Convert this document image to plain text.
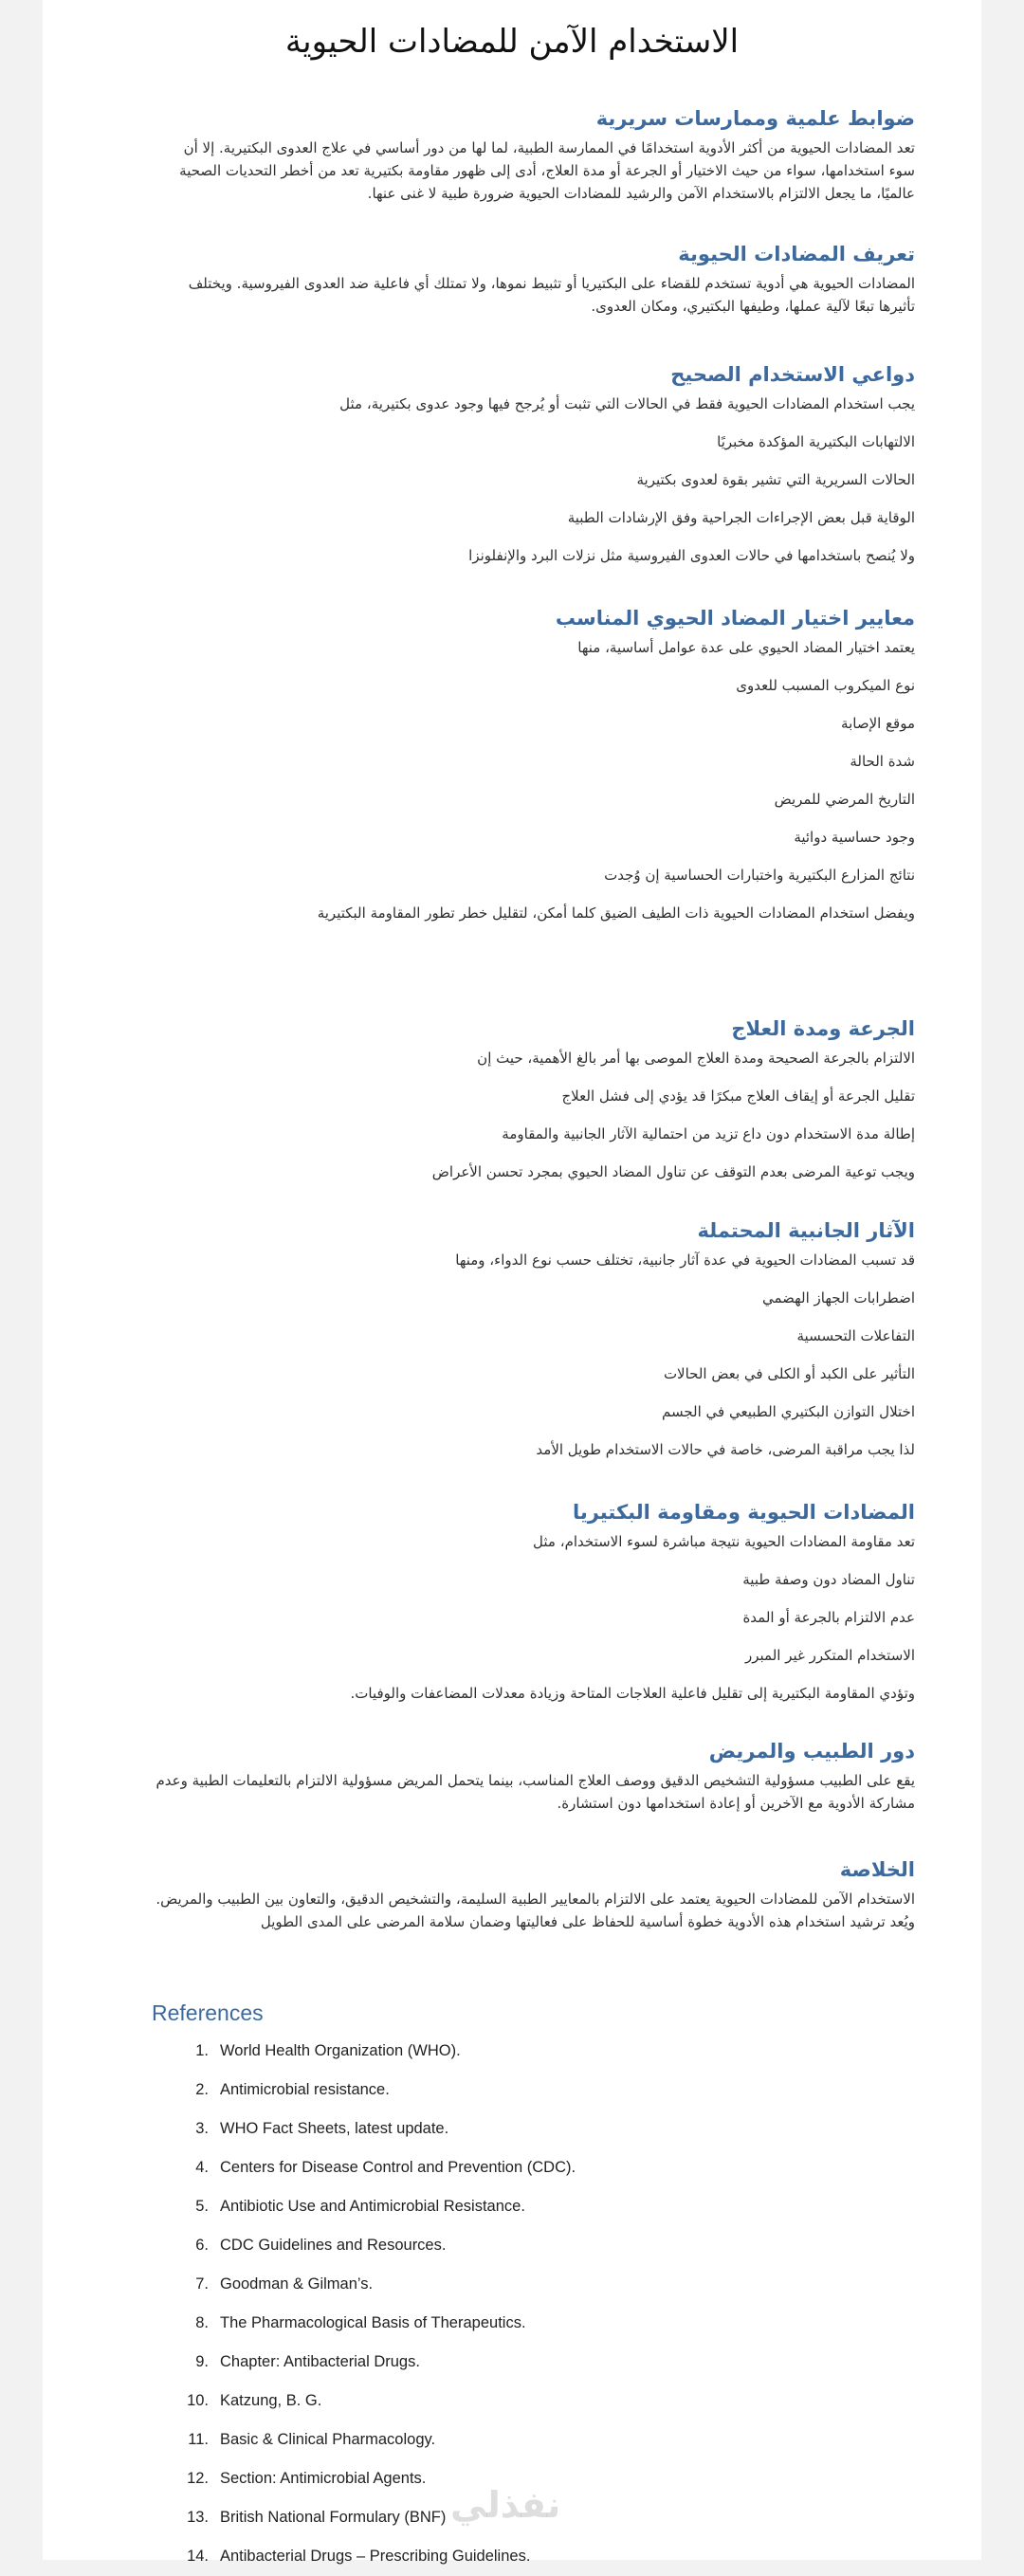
الاستخدام الآمن للمضادات الحيوية
ضوابط علمية وممارسات سريرية
تعد المضادات الحيوية من أكثر الأدوية استخدامًا في الممارسة الطبية، لما لها من دور أساسي في علاج العدوى البكتيرية. إلا أن سوء استخدامها، سواء من حيث الاختيار أو الجرعة أو مدة العلاج، أدى إلى ظهور مقاومة بكتيرية تعد من أخطر التحديات الصحية عالميًا، ما يجعل الالتزام بالاستخدام الآمن والرشيد للمضادات الحيوية ضرورة طبية لا غنى عنها.
تعريف المضادات الحيوية
المضادات الحيوية هي أدوية تستخدم للقضاء على البكتيريا أو تثبيط نموها، ولا تمتلك أي فاعلية ضد العدوى الفيروسية. ويختلف تأثيرها تبعًا لآلية عملها، وطيفها البكتيري، ومكان العدوى.
دواعي الاستخدام الصحيح
يجب استخدام المضادات الحيوية فقط في الحالات التي تثبت أو يُرجح فيها وجود عدوى بكتيرية، مثل
الالتهابات البكتيرية المؤكدة مخبريًا
الحالات السريرية التي تشير بقوة لعدوى بكتيرية
الوقاية قبل بعض الإجراءات الجراحية وفق الإرشادات الطبية
ولا يُنصح باستخدامها في حالات العدوى الفيروسية مثل نزلات البرد والإنفلونزا
معايير اختيار المضاد الحيوي المناسب
يعتمد اختيار المضاد الحيوي على عدة عوامل أساسية، منها
نوع الميكروب المسبب للعدوى
موقع الإصابة
شدة الحالة
التاريخ المرضي للمريض
وجود حساسية دوائية
نتائج المزارع البكتيرية واختبارات الحساسية إن وُجدت
ويفضل استخدام المضادات الحيوية ذات الطيف الضيق كلما أمكن، لتقليل خطر تطور المقاومة البكتيرية
الجرعة ومدة العلاج
الالتزام بالجرعة الصحيحة ومدة العلاج الموصى بها أمر بالغ الأهمية، حيث إن
تقليل الجرعة أو إيقاف العلاج مبكرًا قد يؤدي إلى فشل العلاج
إطالة مدة الاستخدام دون داع تزيد من احتمالية الآثار الجانبية والمقاومة
ويجب توعية المرضى بعدم التوقف عن تناول المضاد الحيوي بمجرد تحسن الأعراض
الآثار الجانبية المحتملة
قد تسبب المضادات الحيوية في عدة آثار جانبية، تختلف حسب نوع الدواء، ومنها
اضطرابات الجهاز الهضمي
التفاعلات التحسسية
التأثير على الكبد أو الكلى في بعض الحالات
اختلال التوازن البكتيري الطبيعي في الجسم
لذا يجب مراقبة المرضى، خاصة في حالات الاستخدام طويل الأمد
المضادات الحيوية ومقاومة البكتيريا
تعد مقاومة المضادات الحيوية نتيجة مباشرة لسوء الاستخدام، مثل
تناول المضاد دون وصفة طبية
عدم الالتزام بالجرعة أو المدة
الاستخدام المتكرر غير المبرر
وتؤدي المقاومة البكتيرية إلى تقليل فاعلية العلاجات المتاحة وزيادة معدلات المضاعفات والوفيات.
دور الطبيب والمريض
يقع على الطبيب مسؤولية التشخيص الدقيق ووصف العلاج المناسب، بينما يتحمل المريض مسؤولية الالتزام بالتعليمات الطبية وعدم مشاركة الأدوية مع الآخرين أو إعادة استخدامها دون استشارة.
الخلاصة
الاستخدام الآمن للمضادات الحيوية يعتمد على الالتزام بالمعايير الطبية السليمة، والتشخيص الدقيق، والتعاون بين الطبيب والمريض. ويُعد ترشيد استخدام هذه الأدوية خطوة أساسية للحفاظ على فعاليتها وضمان سلامة المرضى على المدى الطويل
References
1. World Health Organization (WHO).
2. Antimicrobial resistance.
3. WHO Fact Sheets, latest update.
4. Centers for Disease Control and Prevention (CDC).
5. Antibiotic Use and Antimicrobial Resistance.
6. CDC Guidelines and Resources.
7. Goodman & Gilman’s.
8. The Pharmacological Basis of Therapeutics.
9. Chapter: Antibacterial Drugs.
10. Katzung, B. G.
11. Basic & Clinical Pharmacology.
12. Section: Antimicrobial Agents.
13. British National Formulary (BNF)
14. Antibacterial Drugs – Prescribing Guidelines.
نفذلي
